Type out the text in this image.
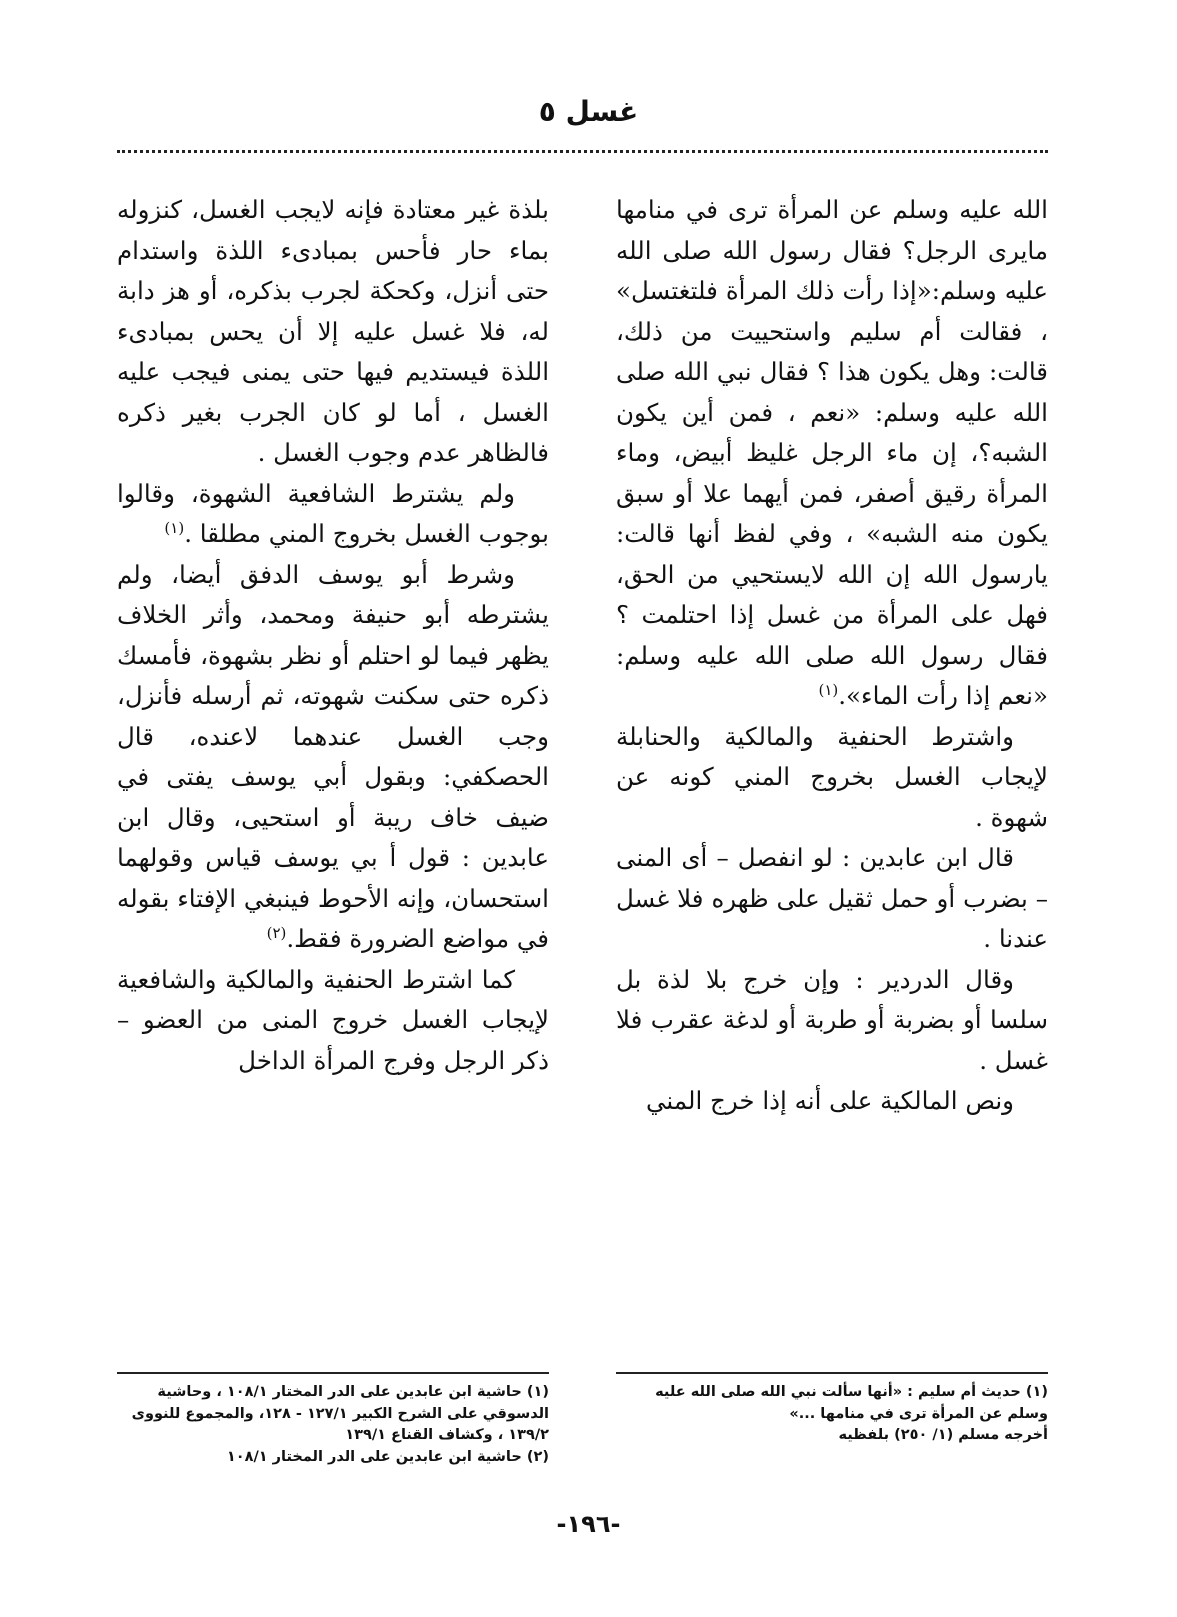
غسل ٥

الله عليه وسلم عن المرأة ترى في منامها مايرى الرجل؟ فقال رسول الله صلى الله عليه وسلم:«إذا رأت ذلك المرأة فلتغتسل» ، فقالت أم سليم واستحييت من ذلك، قالت: وهل يكون هذا ؟ فقال نبي الله صلى الله عليه وسلم: «نعم ، فمن أين يكون الشبه؟، إن ماء الرجل غليظ أبيض، وماء المرأة رقيق أصفر، فمن أيهما علا أو سبق يكون منه الشبه» ، وفي لفظ أنها قالت: يارسول الله إن الله لايستحيي من الحق، فهل على المرأة من غسل إذا احتلمت ؟ فقال رسول الله صلى الله عليه وسلم: «نعم إذا رأت الماء».$^{(١)}$

واشترط الحنفية والمالكية والحنابلة لإيجاب الغسل بخروج المني كونه عن شهوة .

قال ابن عابدين : لو انفصل – أى المنى – بضرب أو حمل ثقيل على ظهره فلا غسل عندنا .

وقال الدردير : وإن خرج بلا لذة بل سلسا أو بضربة أو طربة أو لدغة عقرب فلا غسل .

ونص المالكية على أنه إذا خرج المني

بلذة غير معتادة فإنه لايجب الغسل، كنزوله بماء حار فأحس بمبادىء اللذة واستدام حتى أنزل، وكحكة لجرب بذكره، أو هز دابة له، فلا غسل عليه إلا أن يحس بمبادىء اللذة فيستديم فيها حتى يمنى فيجب عليه الغسل ، أما لو كان الجرب بغير ذكره فالظاهر عدم وجوب الغسل .

ولم يشترط الشافعية الشهوة، وقالوا بوجوب الغسل بخروج المني مطلقا .$^{(١)}$

وشرط أبو يوسف الدفق أيضا، ولم يشترطه أبو حنيفة ومحمد، وأثر الخلاف يظهر فيما لو احتلم أو نظر بشهوة، فأمسك ذكره حتى سكنت شهوته، ثم أرسله فأنزل، وجب الغسل عندهما لاعنده، قال الحصكفي: وبقول أبي يوسف يفتى في ضيف خاف ريبة أو استحيى، وقال ابن عابدين : قول أ بي يوسف قياس وقولهما استحسان، وإنه الأحوط فينبغي الإفتاء بقوله في مواضع الضرورة فقط.$^{(٢)}$

كما اشترط الحنفية والمالكية والشافعية لإيجاب الغسل خروج المنى من العضو – ذكر الرجل وفرج المرأة الداخل

(١) حاشية ابن عابدين على الدر المختار ١٠٨/١ ، وحاشية الدسوقي على الشرح الكبير ١٢٧/١ - ١٢٨، والمجموع للنووى ١٣٩/٢ ، وكشاف القناع ١٣٩/١

(٢) حاشية ابن عابدين على الدر المختار ١٠٨/١

(١) حديث أم سليم : «أنها سألت نبي الله صلى الله عليه وسلم عن المرأة ترى في منامها ...»

أخرجه مسلم (١/ ٢٥٠) بلفظيه

-١٩٦-
